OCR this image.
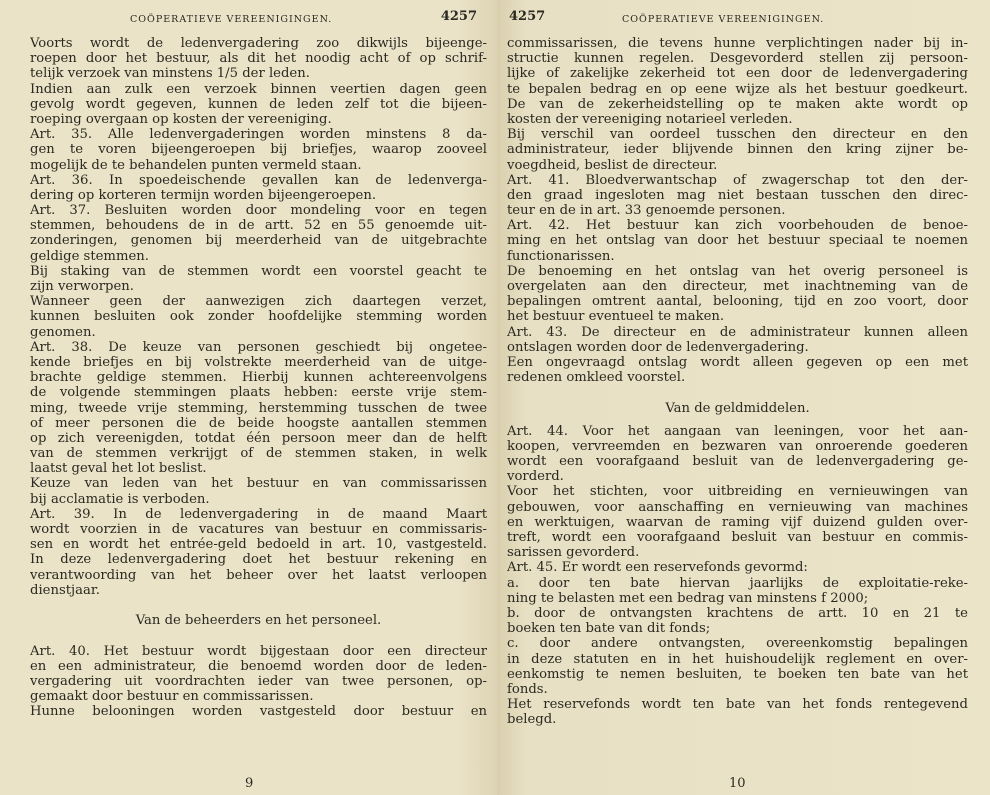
COÖPERATIEVE VEREENIGINGEN.	4257
Voorts wordt de ledenvergadering zoo dikwijls bijeenge-
roepen door het bestuur, als dit het noodig acht of op schrif-
telijk verzoek van minstens 1/5 der leden.
Indien aan zulk een verzoek binnen veertien dagen geen
gevolg wordt gegeven, kunnen de leden zelf tot die bijeen-
roeping overgaan op kosten der vereeniging.
Art. 35. Alle ledenvergaderingen worden minstens 8 da-
gen te voren bijeengeroepen bij briefjes, waarop zooveel
mogelijk de te behandelen punten vermeld staan.
Art. 36. In spoedeischende gevallen kan de ledenverga-
dering op korteren termijn worden bijeengeroepen.
Art. 37. Besluiten worden door mondeling voor en tegen
stemmen, behoudens de in de artt. 52 en 55 genoemde uit-
zonderingen, genomen bij meerderheid van de uitgebrachte
geldige stemmen.
Bij staking van de stemmen wordt een voorstel geacht te
zijn verworpen.
Wanneer geen der aanwezigen zich daartegen verzet,
kunnen besluiten ook zonder hoofdelijke stemming worden
genomen.
Art. 38. De keuze van personen geschiedt bij ongetee-
kende briefjes en bij volstrekte meerderheid van de uitge-
brachte geldige stemmen. Hierbij kunnen achtereenvolgens
de volgende stemmingen plaats hebben: eerste vrije stem-
ming, tweede vrije stemming, herstemming tusschen de twee
of meer personen die de beide hoogste aantallen stemmen
op zich vereenigden, totdat één persoon meer dan de helft
van de stemmen verkrijgt of de stemmen staken, in welk
laatst geval het lot beslist.
Keuze van leden van het bestuur en van commissarissen
bij acclamatie is verboden.
Art. 39. In de ledenvergadering in de maand Maart
wordt voorzien in de vacatures van bestuur en commissaris-
sen en wordt het entrée-geld bedoeld in art. 10, vastgesteld.
In deze ledenvergadering doet het bestuur rekening en
verantwoording van het beheer over het laatst verloopen
dienstjaar.
Van de beheerders en het personeel.
Art. 40. Het bestuur wordt bijgestaan door een directeur
en een administrateur, die benoemd worden door de leden-
vergadering uit voordrachten ieder van twee personen, op-
gemaakt door bestuur en commissarissen.
Hunne belooningen worden vastgesteld door bestuur en
9
4257	COÖPERATIEVE VEREENIGINGEN.
commissarissen, die tevens hunne verplichtingen nader bij in-
structie kunnen regelen. Desgevorderd stellen zij persoon-
lijke of zakelijke zekerheid tot een door de ledenvergadering
te bepalen bedrag en op eene wijze als het bestuur goedkeurt.
De van de zekerheidstelling op te maken akte wordt op
kosten der vereeniging notarieel verleden.
Bij verschil van oordeel tusschen den directeur en den
administrateur, ieder blijvende binnen den kring zijner be-
voegdheid, beslist de directeur.
Art. 41. Bloedverwantschap of zwagerschap tot den der-
den graad ingesloten mag niet bestaan tusschen den direc-
teur en de in art. 33 genoemde personen.
Art. 42. Het bestuur kan zich voorbehouden de benoe-
ming en het ontslag van door het bestuur speciaal te noemen
functionarissen.
De benoeming en het ontslag van het overig personeel is
overgelaten aan den directeur, met inachtneming van de
bepalingen omtrent aantal, belooning, tijd en zoo voort, door
het bestuur eventueel te maken.
Art. 43. De directeur en de administrateur kunnen alleen
ontslagen worden door de ledenvergadering.
Een ongevraagd ontslag wordt alleen gegeven op een met
redenen omkleed voorstel.
Van de geldmiddelen.
Art. 44. Voor het aangaan van leeningen, voor het aan-
koopen, vervreemden en bezwaren van onroerende goederen
wordt een voorafgaand besluit van de ledenvergadering ge-
vorderd.
Voor het stichten, voor uitbreiding en vernieuwingen van
gebouwen, voor aanschaffing en vernieuwing van machines
en werktuigen, waarvan de raming vijf duizend gulden over-
treft, wordt een voorafgaand besluit van bestuur en commis-
sarissen gevorderd.
Art. 45. Er wordt een reservefonds gevormd:
a. door ten bate hiervan jaarlijks de exploitatie-reke-
ning te belasten met een bedrag van minstens f 2000;
b. door de ontvangsten krachtens de artt. 10 en 21 te
boeken ten bate van dit fonds;
c. door andere ontvangsten, overeenkomstig bepalingen
in deze statuten en in het huishoudelijk reglement en over-
eenkomstig te nemen besluiten, te boeken ten bate van het
fonds.
Het reservefonds wordt ten bate van het fonds rentegevend
belegd.
10
